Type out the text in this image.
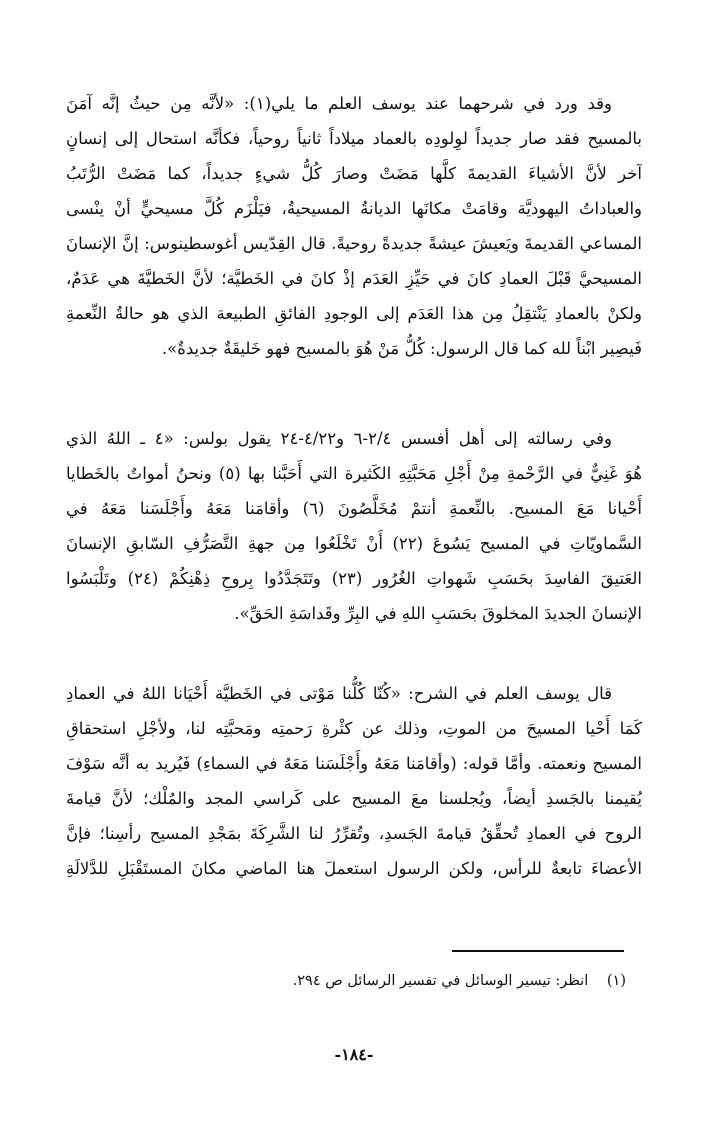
وقد ورد في شرحهما عند يوسف العلم ما يلي(١): «لأنَّه مِن حيثُ إنَّه آمَنَ
بالمسيح فقد صار جديداً لوِلودِه بالعماد ميلاداً ثانياً روحياً، فكأنَّه استحال إلى إنسانٍ
آخر لأنَّ الأشياءَ القديمةَ كلَّها مَضَتْ وصارَ كُلُّ شيءٍ جديداً، كما مَضَتْ الرُّتَبُ
والعباداتُ اليهوديَّة وقامَتْ مكانَها الديانةُ المسيحيةُ، فيَلْزَم كُلَّ مسيحيٍّ أنْ ينْسى
المساعي القديمةَ ويَعيشَ عيشةً جديدةً روحيةً. قال القِدّيس أغوسطينوس: إنَّ الإنسانَ
المسيحيَّ قَبْلَ العمادِ كانَ في حَيِّزِ العَدَم إذْ كانَ في الخَطيَّة؛ لأنَّ الخَطيَّةَ هي عَدَمٌ،
ولكنْ بالعمادِ يَنْتقِلُ مِن هذا العَدَم إلى الوجودِ الفائقِ الطبيعة الذي هو حالةُ النِّعمةِ
فَيصِير ابْناً لله كما قال الرسول: كُلُّ مَنْ هُوَ بالمسيح فهو خَليقَةٌ جديدةٌ».
وفي رسالته إلى أهل أفسس ٢/٤-٦ و٤/٢٢-٢٤ يقول بولس: «٤ ـ اللهُ الذي
هُوَ غَنِيٌّ في الرَّحْمةِ مِنْ أَجْلِ مَحَبَّتِهِ الكَثيرة التي أَحَبَّنا بها (٥) ونحنُ أمواتٌ بالخَطايا
أَحْيانا مَعَ المسيح. بالنِّعمةِ أنتمْ مُخَلَّصُونَ (٦) وأقامَنا مَعَهُ وأَجْلَسَنا مَعَهُ في
السَّماويّاتِ في المسيح يَسُوعَ (٢٢) أَنْ تَخْلَعُوا مِن جهةِ التَّصَرُّفِ السّابقِ الإنسانَ
العَتيقَ الفاسِدَ بحَسَبِ شَهواتِ الغُرُور (٢٣) وتَتَجَدَّدُوا بِروحِ ذِهْنِكُمْ (٢٤) وتَلْبَسُوا
الإنسانَ الجديدَ المخلوقَ بحَسَبِ اللهِ في البِرِّ وقَداسَةِ الحَقِّ».
قال يوسف العلم في الشرح: «كُنّا كُلُّنا مَوْتى في الخَطيَّة أَحْيَانا اللهُ في العمادِ
كَمَا أَحْيا المسيحَ من الموتِ، وذلك عن كثْرةِ رَحمتِه ومَحبَّتِه لنا، ولأجْلِ استحقاقِ
المسيح ونعمته. وأمَّا قوله: (وأقامَنا مَعَهُ وأَجْلَسَنا مَعَهُ في السماءِ) فَيُريد به أنَّه سَوْفَ
يُقيمنا بالجَسدِ أيضاً، ويُجلسنا معَ المسيح على كَراسي المجد والمُلْك؛ لأنَّ قيامةَ
الروح في العمادِ تُحقِّقُ قيامةَ الجَسدِ، وتُقرِّرُ لنا الشَّرِكَةَ بمَجْدِ المسيح رأسِنا؛ فإنَّ
الأعضاءَ تابعةٌ للرأس، ولكن الرسول استعملَ هنا الماضي مكانَ المستَقْبَلِ للدَّلالَةِ
(١) انظر: تيسير الوسائل في تفسير الرسائل ص ٢٩٤.
-١٨٤-
